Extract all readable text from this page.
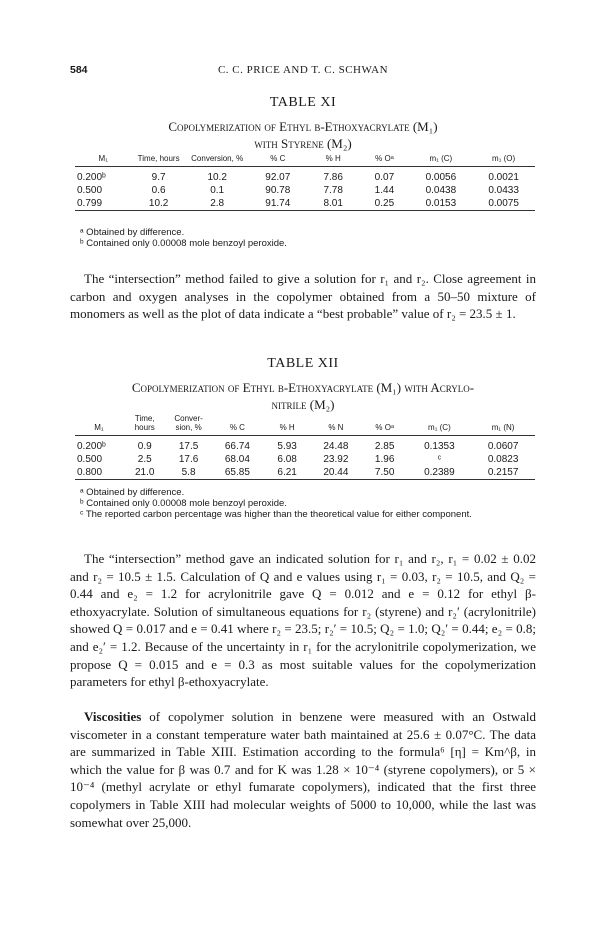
584	C. C. PRICE AND T. C. SCHWAN
TABLE XI
Copolymerization of Ethyl β-Ethoxyacrylate (M₁)
with Styrene (M₂)
M₁	Time, hours	Conversion, %	% C	% H	% Oᵃ	m₁ (C)	m₁ (O)
0.200ᵇ	9.7	10.2	92.07	7.86	0.07	0.0056	0.0021
0.500	0.6	0.1	90.78	7.78	1.44	0.0438	0.0433
0.799	10.2	2.8	91.74	8.01	0.25	0.0153	0.0075
ᵃ Obtained by difference.
ᵇ Contained only 0.00008 mole benzoyl peroxide.

The “intersection” method failed to give a solution for r₁ and r₂. Close agreement in carbon and oxygen analyses in the copolymer obtained from a 50–50 mixture of monomers as well as the plot of data indicate a “best probable” value of r₂ = 23.5 ± 1.

TABLE XII
Copolymerization of Ethyl β-Ethoxyacrylate (M₁) with Acrylo-
nitrile (M₂)
M₁	Time, hours	Conver-sion, %	% C	% H	% N	% Oᵃ	m₁ (C)	m₁ (N)
0.200ᵇ	0.9	17.5	66.74	5.93	24.48	2.85	0.1353	0.0607
0.500	2.5	17.6	68.04	6.08	23.92	1.96	ᶜ	0.0823
0.800	21.0	5.8	65.85	6.21	20.44	7.50	0.2389	0.2157
ᵃ Obtained by difference.
ᵇ Contained only 0.00008 mole benzoyl peroxide.
ᶜ The reported carbon percentage was higher than the theoretical value for either component.

The “intersection” method gave an indicated solution for r₁ and r₂, r₁ = 0.02 ± 0.02 and r₂ = 10.5 ± 1.5. Calculation of Q and e values using r₁ = 0.03, r₂ = 10.5, and Q₂ = 0.44 and e₂ = 1.2 for acrylonitrile gave Q = 0.012 and e = 0.12 for ethyl β-ethoxyacrylate. Solution of simultaneous equations for r₂ (styrene) and r₂′ (acrylonitrile) showed Q = 0.017 and e = 0.41 where r₂ = 23.5; r₂′ = 10.5; Q₂ = 1.0; Q₂′ = 0.44; e₂ = 0.8; and e₂′ = 1.2. Because of the uncertainty in r₁ for the acrylonitrile copolymerization, we propose Q = 0.015 and e = 0.3 as most suitable values for the copolymerization parameters for ethyl β-ethoxyacrylate.

Viscosities of copolymer solution in benzene were measured with an Ostwald viscometer in a constant temperature water bath maintained at 25.6 ± 0.07°C. The data are summarized in Table XIII. Estimation according to the formula⁶ [η] = Km^β, in which the value for β was 0.7 and for K was 1.28 × 10⁻⁴ (styrene copolymers), or 5 × 10⁻⁴ (methyl acrylate or ethyl fumarate copolymers), indicated that the first three copolymers in Table XIII had molecular weights of 5000 to 10,000, while the last was somewhat over 25,000.
